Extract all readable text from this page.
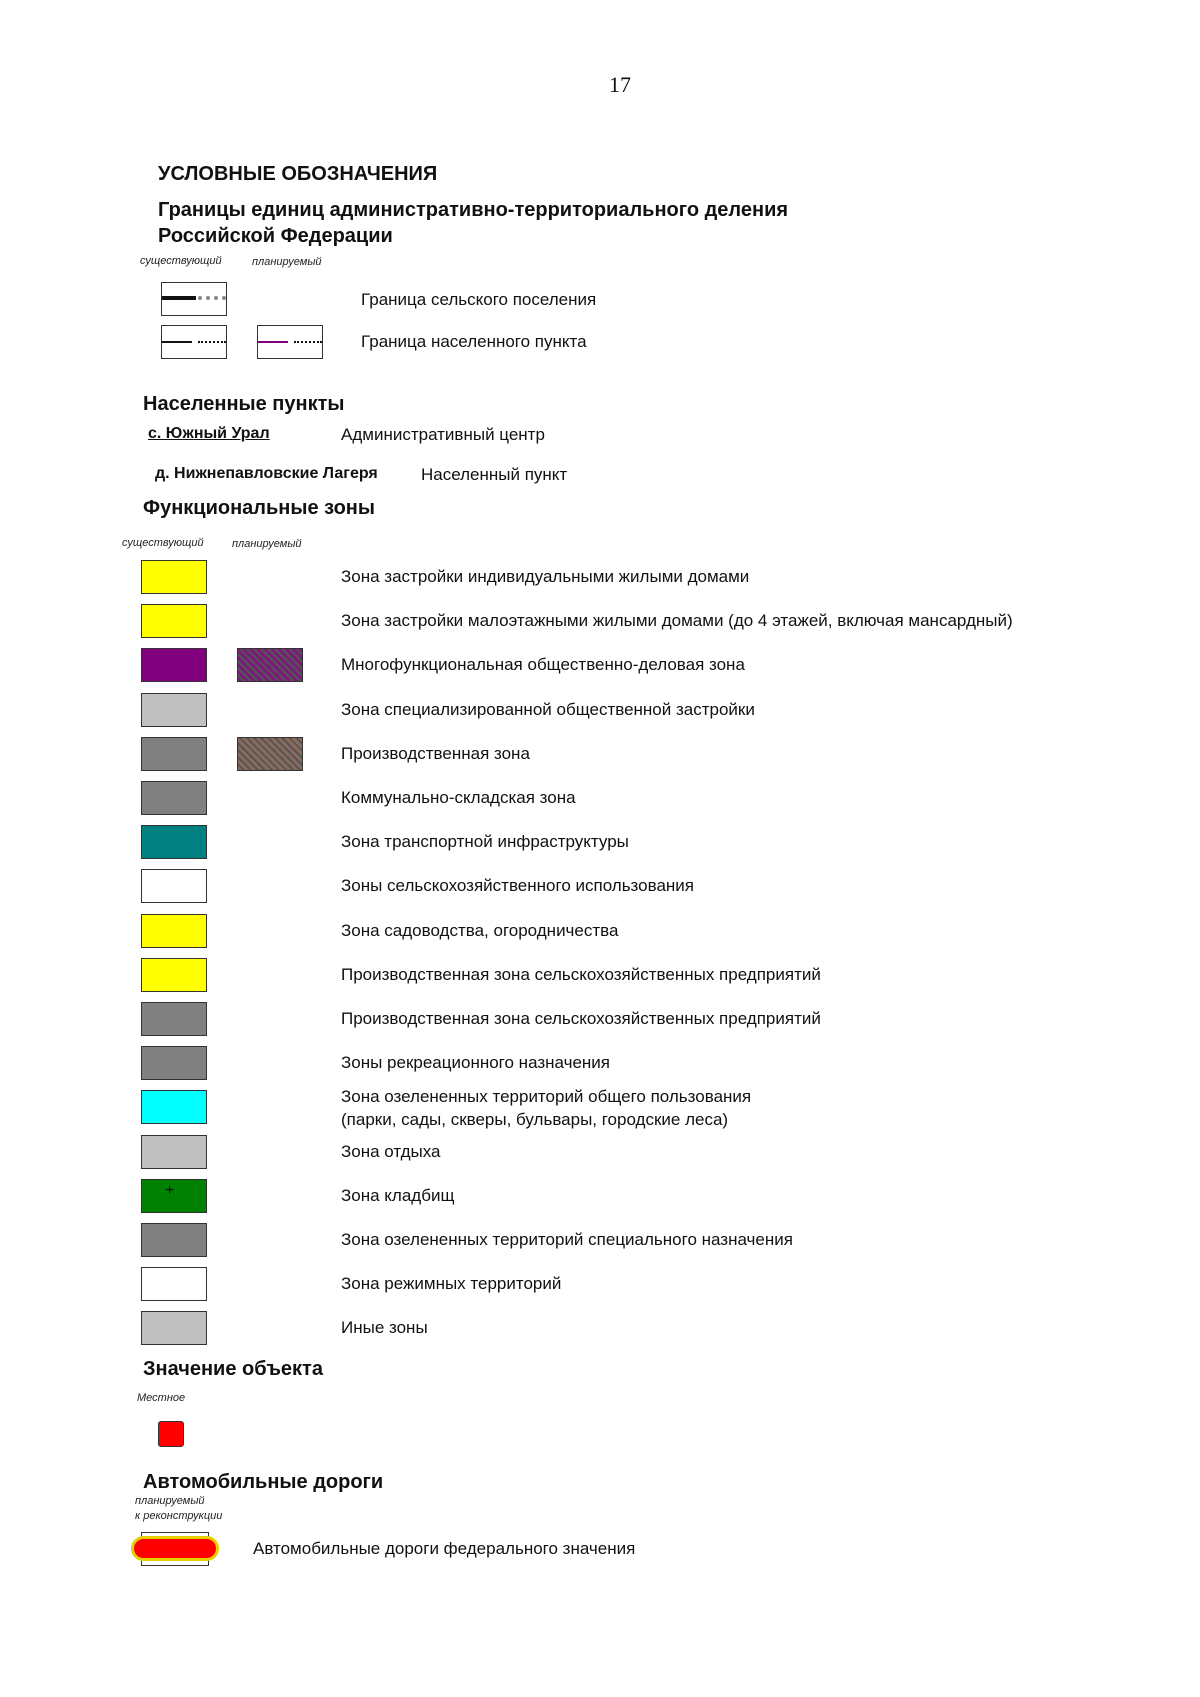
17
УСЛОВНЫЕ ОБОЗНАЧЕНИЯ
Границы единиц административно-территориального деления
Российской Федерации
существующий	планируемый
Граница сельского поселения
Граница населенного пункта
Населенные пункты
с. Южный Урал	Административный центр
д. Нижнепавловские Лагеря	Населенный пункт
Функциональные зоны
существующий	планируемый
Зона застройки индивидуальными жилыми домами
Зона застройки малоэтажными жилыми домами (до 4 этажей, включая мансардный)
Многофункциональная общественно-деловая зона
Зона специализированной общественной застройки
Производственная зона
Коммунально-складская зона
Зона транспортной инфраструктуры
Зоны сельскохозяйственного использования
Зона садоводства, огородничества
Производственная зона сельскохозяйственных предприятий
Производственная зона сельскохозяйственных предприятий
Зоны рекреационного назначения
Зона озелененных территорий общего пользования
(парки, сады, скверы, бульвары, городские леса)
Зона отдыха
+	Зона кладбищ
Зона озелененных территорий специального назначения
Зона режимных территорий
Иные зоны
Значение объекта
Местное
Автомобильные дороги
планируемый
к реконструкции
Автомобильные дороги федерального значения
